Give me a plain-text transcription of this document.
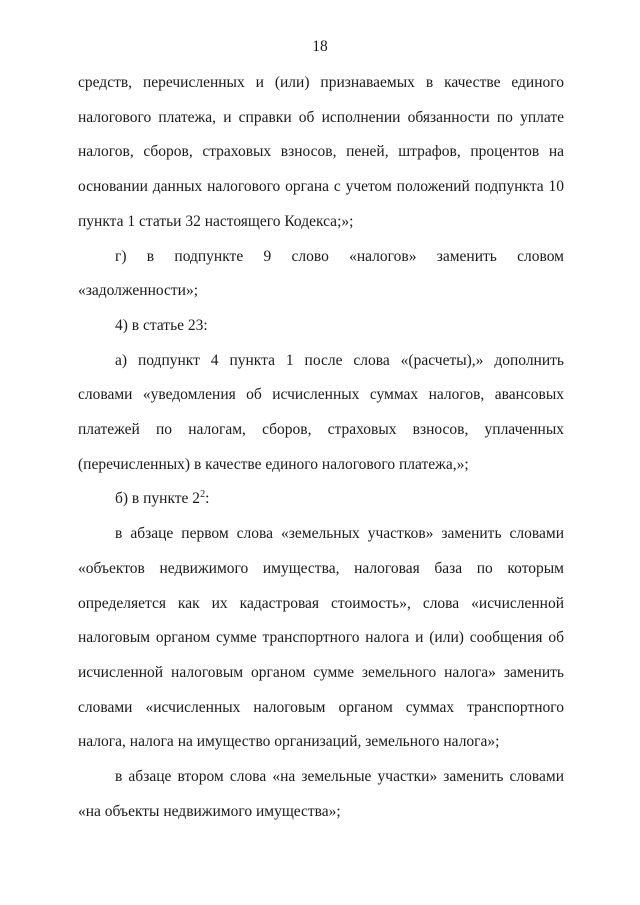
18

средств, перечисленных и (или) признаваемых в качестве единого налогового платежа, и справки об исполнении обязанности по уплате налогов, сборов, страховых взносов, пеней, штрафов, процентов на основании данных налогового органа с учетом положений подпункта 10 пункта 1 статьи 32 настоящего Кодекса;»;

г) в подпункте 9 слово «налогов» заменить словом «задолженности»;

4) в статье 23:

а) подпункт 4 пункта 1 после слова «(расчеты),» дополнить словами «уведомления об исчисленных суммах налогов, авансовых платежей по налогам, сборов, страховых взносов, уплаченных (перечисленных) в качестве единого налогового платежа,»;

б) в пункте $2^2$:

в абзаце первом слова «земельных участков» заменить словами «объектов недвижимого имущества, налоговая база по которым определяется как их кадастровая стоимость», слова «исчисленной налоговым органом сумме транспортного налога и (или) сообщения об исчисленной налоговым органом сумме земельного налога» заменить словами «исчисленных налоговым органом суммах транспортного налога, налога на имущество организаций, земельного налога»;

в абзаце втором слова «на земельные участки» заменить словами «на объекты недвижимого имущества»;
